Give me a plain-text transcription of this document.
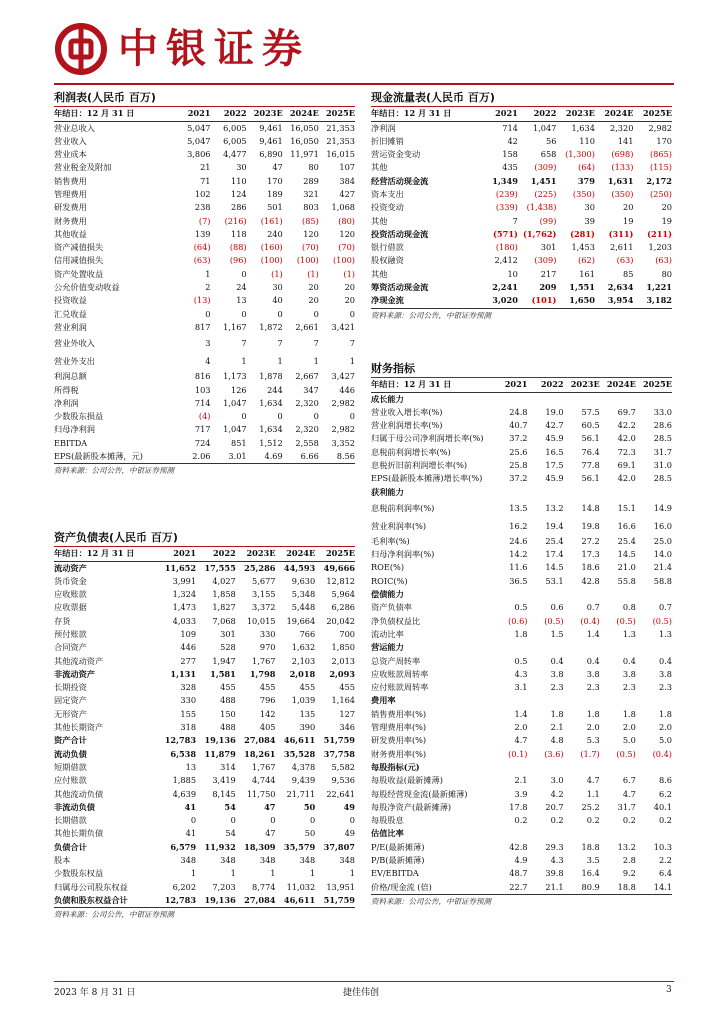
中银证券
利润表(人民币 百万)
年结日：12 月 31 日	2021	2022	2023E	2024E	2025E
营业总收入	5,047	6,005	9,461	16,050	21,353
营业收入	5,047	6,005	9,461	16,050	21,353
营业成本	3,806	4,477	6,890	11,971	16,015
营业税金及附加	21	30	47	80	107
销售费用	71	110	170	289	384
管理费用	102	124	189	321	427
研发费用	238	286	501	803	1,068
财务费用	(7)	(216)	(161)	(85)	(80)
其他收益	139	118	240	120	120
资产减值损失	(64)	(88)	(160)	(70)	(70)
信用减值损失	(63)	(96)	(100)	(100)	(100)
资产处置收益	1	0	(1)	(1)	(1)
公允价值变动收益	2	24	30	20	20
投资收益	(13)	13	40	20	20
汇兑收益	0	0	0	0	0
营业利润	817	1,167	1,872	2,661	3,421
营业外收入	3	7	7	7	7
营业外支出	4	1	1	1	1
利润总额	816	1,173	1,878	2,667	3,427
所得税	103	126	244	347	446
净利润	714	1,047	1,634	2,320	2,982
少数股东损益	(4)	0	0	0	0
归母净利润	717	1,047	1,634	2,320	2,982
EBITDA	724	851	1,512	2,558	3,352
EPS(最新股本摊薄，元)	2.06	3.01	4.69	6.66	8.56
资料来源：公司公告，中银证券预测
资产负债表(人民币 百万)
年结日：12 月 31 日	2021	2022	2023E	2024E	2025E
流动资产	11,652	17,555	25,286	44,593	49,666
货币资金	3,991	4,027	5,677	9,630	12,812
应收账款	1,324	1,858	3,155	5,348	5,964
应收票据	1,473	1,827	3,372	5,448	6,286
存货	4,033	7,068	10,015	19,664	20,042
预付账款	109	301	330	766	700
合同资产	446	528	970	1,632	1,850
其他流动资产	277	1,947	1,767	2,103	2,013
非流动资产	1,131	1,581	1,798	2,018	2,093
长期投资	328	455	455	455	455
固定资产	330	488	796	1,039	1,164
无形资产	155	150	142	135	127
其他长期资产	318	488	405	390	346
资产合计	12,783	19,136	27,084	46,611	51,759
流动负债	6,538	11,879	18,261	35,528	37,758
短期借款	13	314	1,767	4,378	5,582
应付账款	1,885	3,419	4,744	9,439	9,536
其他流动负债	4,639	8,145	11,750	21,711	22,641
非流动负债	41	54	47	50	49
长期借款	0	0	0	0	0
其他长期负债	41	54	47	50	49
负债合计	6,579	11,932	18,309	35,579	37,807
股本	348	348	348	348	348
少数股东权益	1	1	1	1	1
归属母公司股东权益	6,202	7,203	8,774	11,032	13,951
负债和股东权益合计	12,783	19,136	27,084	46,611	51,759
资料来源：公司公告，中银证券预测
现金流量表(人民币 百万)
年结日：12 月 31 日	2021	2022	2023E	2024E	2025E
净利润	714	1,047	1,634	2,320	2,982
折旧摊销	42	56	110	141	170
营运资金变动	158	658	(1,300)	(698)	(865)
其他	435	(309)	(64)	(133)	(115)
经营活动现金流	1,349	1,451	379	1,631	2,172
资本支出	(239)	(225)	(350)	(350)	(250)
投资变动	(339)	(1,438)	30	20	20
其他	7	(99)	39	19	19
投资活动现金流	(571)	(1,762)	(281)	(311)	(211)
银行借款	(180)	301	1,453	2,611	1,203
股权融资	2,412	(309)	(62)	(63)	(63)
其他	10	217	161	85	80
筹资活动现金流	2,241	209	1,551	2,634	1,221
净现金流	3,020	(101)	1,650	3,954	3,182
资料来源：公司公告，中银证券预测
财务指标
年结日：12 月 31 日	2021	2022	2023E	2024E	2025E
成长能力					
营业收入增长率(%)	24.8	19.0	57.5	69.7	33.0
营业利润增长率(%)	40.7	42.7	60.5	42.2	28.6
归属于母公司净利润增长率(%)	37.2	45.9	56.1	42.0	28.5
息税前利润增长率(%)	25.6	16.5	76.4	72.3	31.7
息税折旧前利润增长率(%)	25.8	17.5	77.8	69.1	31.0
EPS(最新股本摊薄)增长率(%)	37.2	45.9	56.1	42.0	28.5
获利能力					
息税前利润率(%)	13.5	13.2	14.8	15.1	14.9
营业利润率(%)	16.2	19.4	19.8	16.6	16.0
毛利率(%)	24.6	25.4	27.2	25.4	25.0
归母净利润率(%)	14.2	17.4	17.3	14.5	14.0
ROE(%)	11.6	14.5	18.6	21.0	21.4
ROIC(%)	36.5	53.1	42.8	55.8	58.8
偿债能力					
资产负债率	0.5	0.6	0.7	0.8	0.7
净负债权益比	(0.6)	(0.5)	(0.4)	(0.5)	(0.5)
流动比率	1.8	1.5	1.4	1.3	1.3
营运能力					
总资产周转率	0.5	0.4	0.4	0.4	0.4
应收账款周转率	4.3	3.8	3.8	3.8	3.8
应付账款周转率	3.1	2.3	2.3	2.3	2.3
费用率					
销售费用率(%)	1.4	1.8	1.8	1.8	1.8
管理费用率(%)	2.0	2.1	2.0	2.0	2.0
研发费用率(%)	4.7	4.8	5.3	5.0	5.0
财务费用率(%)	(0.1)	(3.6)	(1.7)	(0.5)	(0.4)
每股指标(元)					
每股收益(最新摊薄)	2.1	3.0	4.7	6.7	8.6
每股经营现金流(最新摊薄)	3.9	4.2	1.1	4.7	6.2
每股净资产(最新摊薄)	17.8	20.7	25.2	31.7	40.1
每股股息	0.2	0.2	0.2	0.2	0.2
估值比率					
P/E(最新摊薄)	42.8	29.3	18.8	13.2	10.3
P/B(最新摊薄)	4.9	4.3	3.5	2.8	2.2
EV/EBITDA	48.7	39.8	16.4	9.2	6.4
价格/现金流 (倍)	22.7	21.1	80.9	18.8	14.1
资料来源：公司公告，中银证券预测
2023 年 8 月 31 日	捷佳伟创	3
